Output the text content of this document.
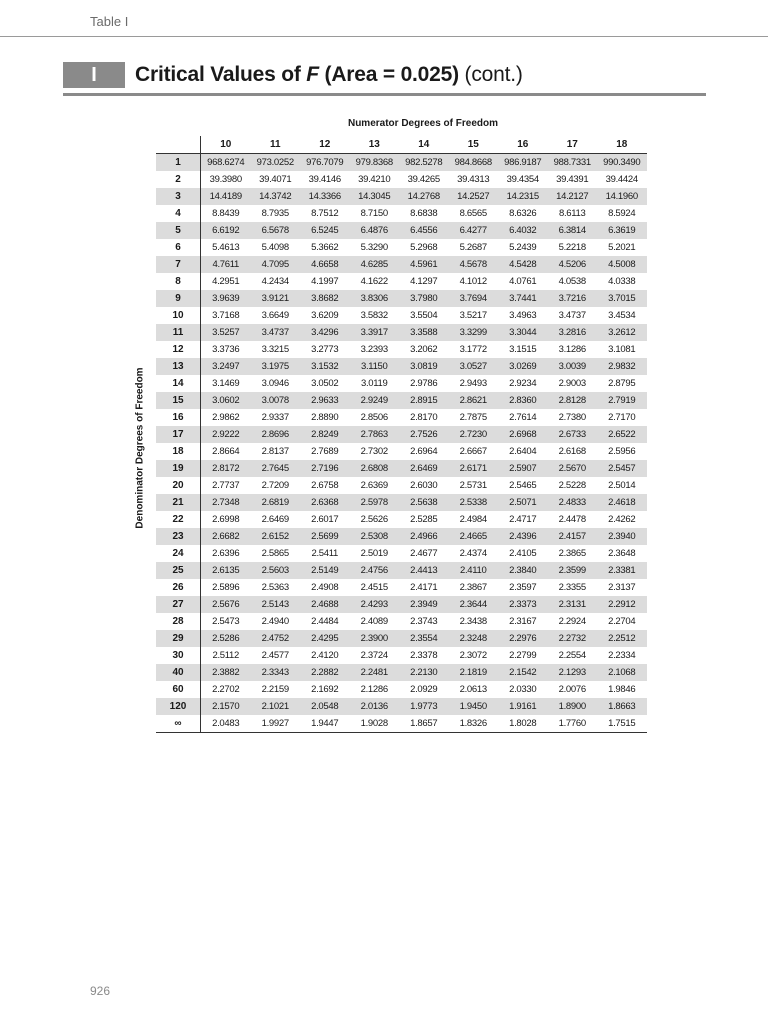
Table I
I	Critical Values of F (Area = 0.025) (cont.)
Numerator Degrees of Freedom
Denominator Degrees of Freedom
	10	11	12	13	14	15	16	17	18
1	968.6274	973.0252	976.7079	979.8368	982.5278	984.8668	986.9187	988.7331	990.3490
2	39.3980	39.4071	39.4146	39.4210	39.4265	39.4313	39.4354	39.4391	39.4424
3	14.4189	14.3742	14.3366	14.3045	14.2768	14.2527	14.2315	14.2127	14.1960
4	8.8439	8.7935	8.7512	8.7150	8.6838	8.6565	8.6326	8.6113	8.5924
5	6.6192	6.5678	6.5245	6.4876	6.4556	6.4277	6.4032	6.3814	6.3619
6	5.4613	5.4098	5.3662	5.3290	5.2968	5.2687	5.2439	5.2218	5.2021
7	4.7611	4.7095	4.6658	4.6285	4.5961	4.5678	4.5428	4.5206	4.5008
8	4.2951	4.2434	4.1997	4.1622	4.1297	4.1012	4.0761	4.0538	4.0338
9	3.9639	3.9121	3.8682	3.8306	3.7980	3.7694	3.7441	3.7216	3.7015
10	3.7168	3.6649	3.6209	3.5832	3.5504	3.5217	3.4963	3.4737	3.4534
11	3.5257	3.4737	3.4296	3.3917	3.3588	3.3299	3.3044	3.2816	3.2612
12	3.3736	3.3215	3.2773	3.2393	3.2062	3.1772	3.1515	3.1286	3.1081
13	3.2497	3.1975	3.1532	3.1150	3.0819	3.0527	3.0269	3.0039	2.9832
14	3.1469	3.0946	3.0502	3.0119	2.9786	2.9493	2.9234	2.9003	2.8795
15	3.0602	3.0078	2.9633	2.9249	2.8915	2.8621	2.8360	2.8128	2.7919
16	2.9862	2.9337	2.8890	2.8506	2.8170	2.7875	2.7614	2.7380	2.7170
17	2.9222	2.8696	2.8249	2.7863	2.7526	2.7230	2.6968	2.6733	2.6522
18	2.8664	2.8137	2.7689	2.7302	2.6964	2.6667	2.6404	2.6168	2.5956
19	2.8172	2.7645	2.7196	2.6808	2.6469	2.6171	2.5907	2.5670	2.5457
20	2.7737	2.7209	2.6758	2.6369	2.6030	2.5731	2.5465	2.5228	2.5014
21	2.7348	2.6819	2.6368	2.5978	2.5638	2.5338	2.5071	2.4833	2.4618
22	2.6998	2.6469	2.6017	2.5626	2.5285	2.4984	2.4717	2.4478	2.4262
23	2.6682	2.6152	2.5699	2.5308	2.4966	2.4665	2.4396	2.4157	2.3940
24	2.6396	2.5865	2.5411	2.5019	2.4677	2.4374	2.4105	2.3865	2.3648
25	2.6135	2.5603	2.5149	2.4756	2.4413	2.4110	2.3840	2.3599	2.3381
26	2.5896	2.5363	2.4908	2.4515	2.4171	2.3867	2.3597	2.3355	2.3137
27	2.5676	2.5143	2.4688	2.4293	2.3949	2.3644	2.3373	2.3131	2.2912
28	2.5473	2.4940	2.4484	2.4089	2.3743	2.3438	2.3167	2.2924	2.2704
29	2.5286	2.4752	2.4295	2.3900	2.3554	2.3248	2.2976	2.2732	2.2512
30	2.5112	2.4577	2.4120	2.3724	2.3378	2.3072	2.2799	2.2554	2.2334
40	2.3882	2.3343	2.2882	2.2481	2.2130	2.1819	2.1542	2.1293	2.1068
60	2.2702	2.2159	2.1692	2.1286	2.0929	2.0613	2.0330	2.0076	1.9846
120	2.1570	2.1021	2.0548	2.0136	1.9773	1.9450	1.9161	1.8900	1.8663
∞	2.0483	1.9927	1.9447	1.9028	1.8657	1.8326	1.8028	1.7760	1.7515
926
